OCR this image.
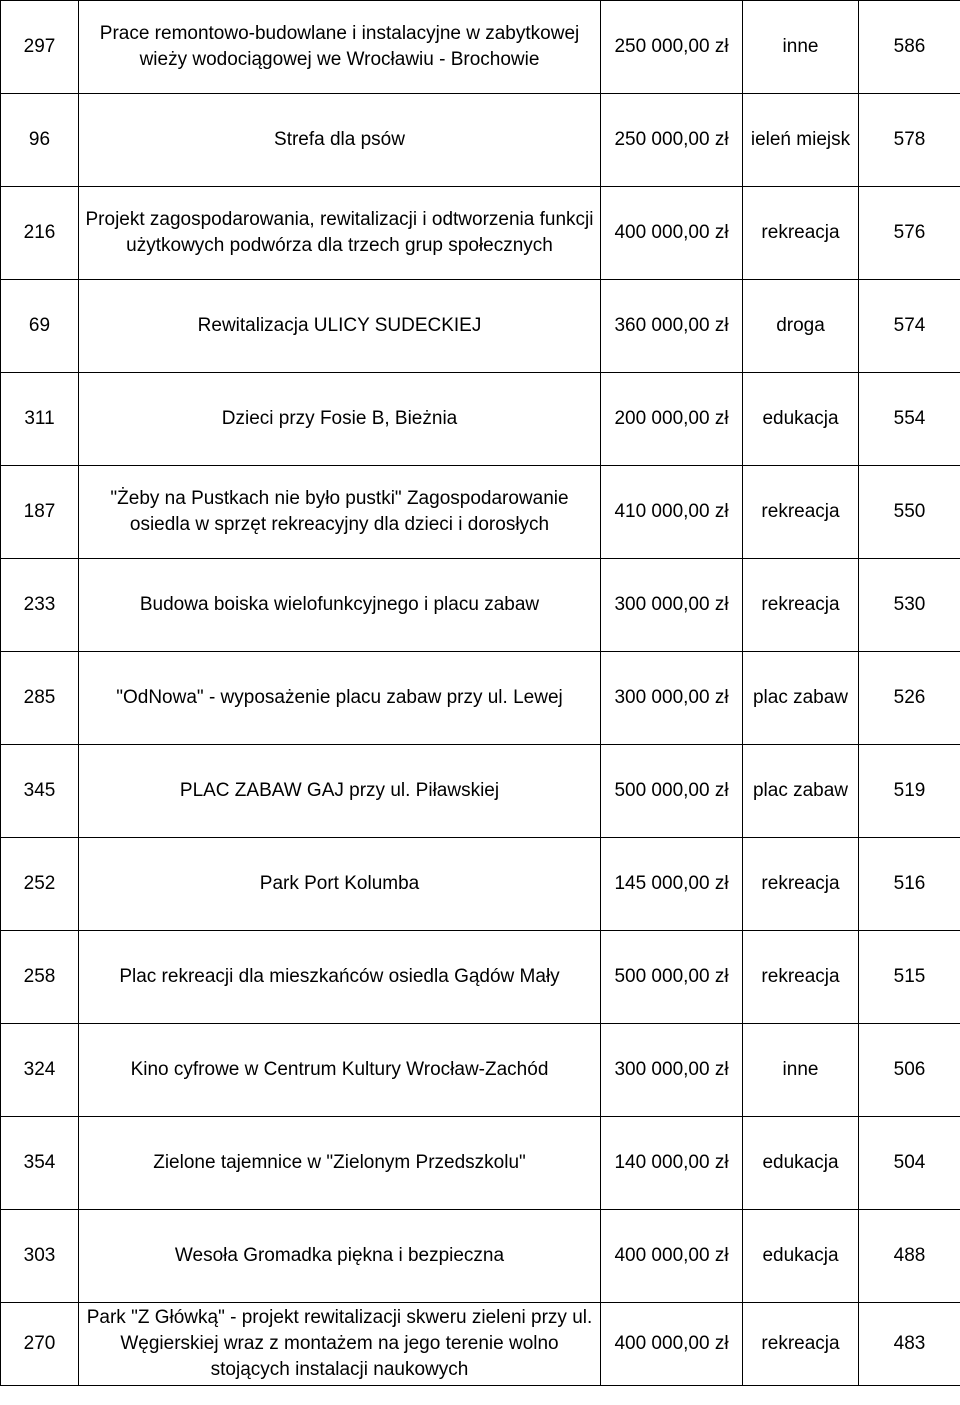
297	Prace remontowo-budowlane i instalacyjne w zabytkowej wieży wodociągowej we Wrocławiu - Brochowie	250 000,00 zł	inne	586
96	Strefa dla psów	250 000,00 zł	ieleń miejsk	578
216	Projekt zagospodarowania, rewitalizacji i odtworzenia funkcji użytkowych podwórza dla trzech grup społecznych	400 000,00 zł	rekreacja	576
69	Rewitalizacja ULICY SUDECKIEJ	360 000,00 zł	droga	574
311	Dzieci przy Fosie B, Bieżnia	200 000,00 zł	edukacja	554
187	"Żeby na Pustkach nie było pustki" Zagospodarowanie osiedla w sprzęt rekreacyjny dla dzieci i dorosłych	410 000,00 zł	rekreacja	550
233	Budowa boiska wielofunkcyjnego i placu zabaw	300 000,00 zł	rekreacja	530
285	"OdNowa" - wyposażenie placu zabaw przy ul. Lewej	300 000,00 zł	plac zabaw	526
345	PLAC ZABAW GAJ przy ul. Piławskiej	500 000,00 zł	plac zabaw	519
252	Park Port Kolumba	145 000,00 zł	rekreacja	516
258	Plac rekreacji dla mieszkańców osiedla Gądów Mały	500 000,00 zł	rekreacja	515
324	Kino cyfrowe w Centrum Kultury Wrocław-Zachód	300 000,00 zł	inne	506
354	Zielone tajemnice w "Zielonym Przedszkolu"	140 000,00 zł	edukacja	504
303	Wesoła Gromadka piękna i bezpieczna	400 000,00 zł	edukacja	488
270	Park "Z Główką" - projekt rewitalizacji skweru zieleni przy ul. Węgierskiej wraz z montażem na jego terenie wolno stojących instalacji naukowych	400 000,00 zł	rekreacja	483
